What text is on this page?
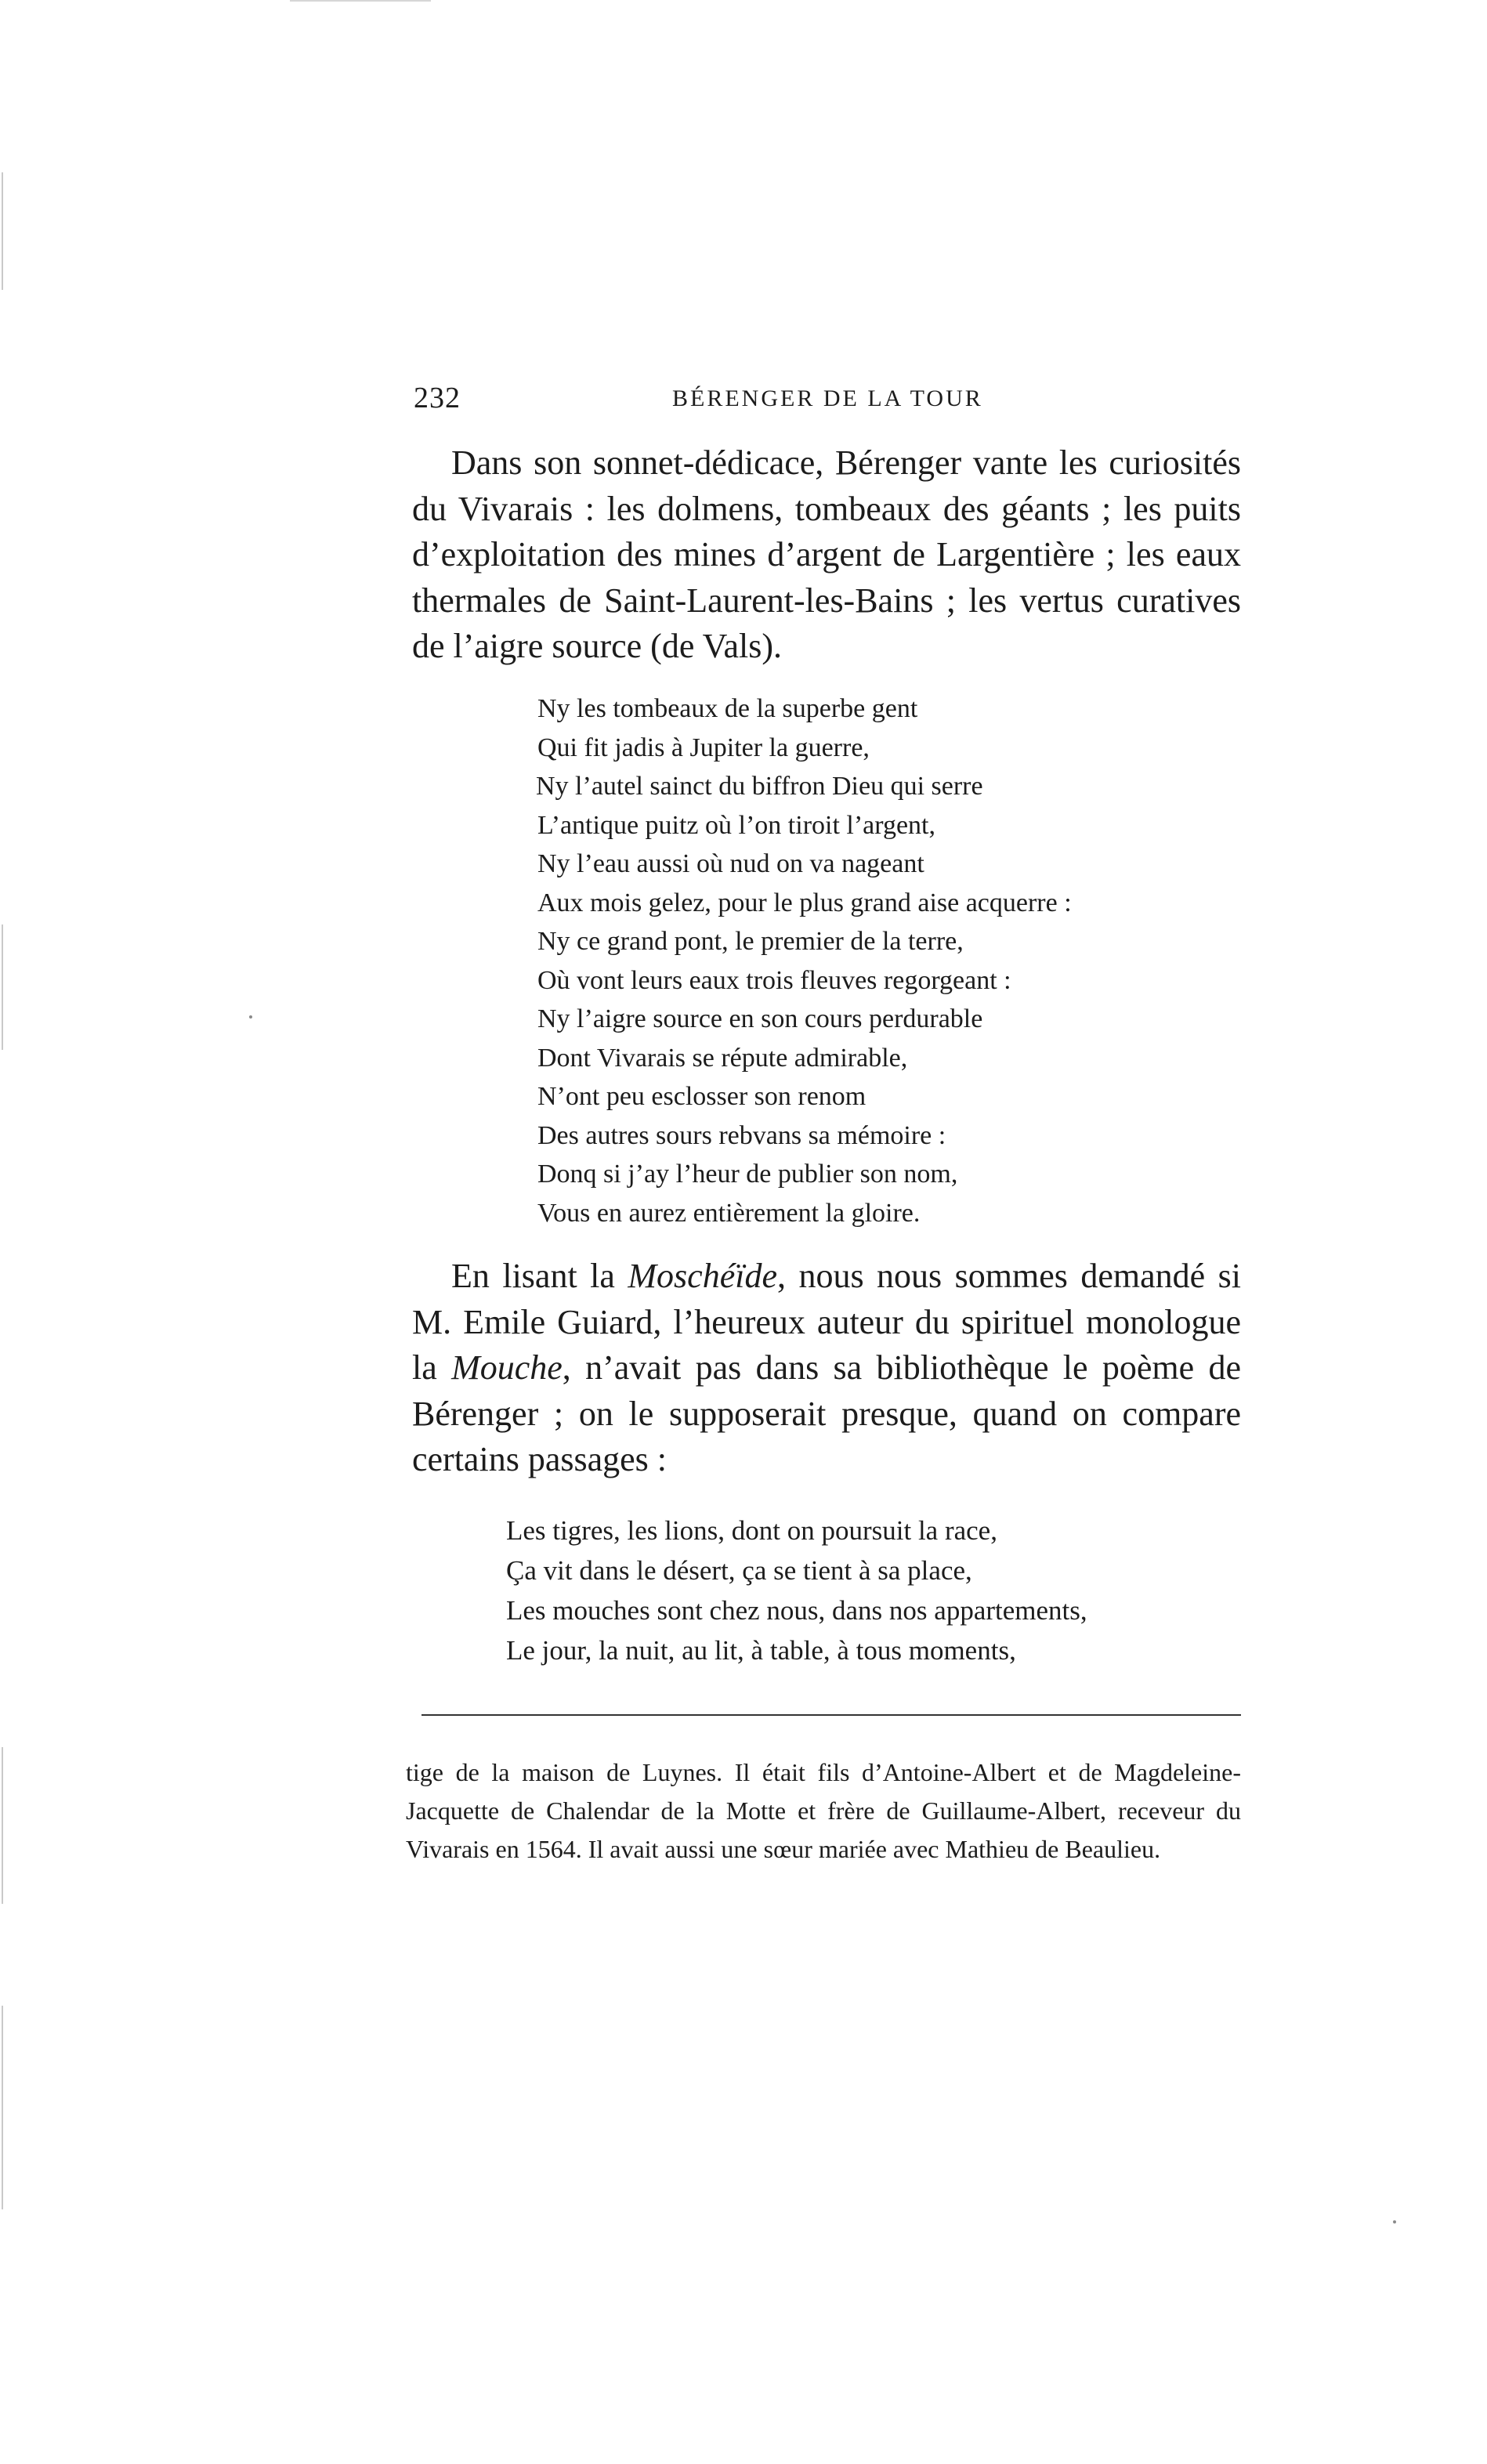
232	BÉRENGER DE LA TOUR

Dans son sonnet-dédicace, Bérenger vante les curiosités du Vivarais : les dolmens, tombeaux des géants ; les puits d’exploitation des mines d’argent de Largentière ; les eaux thermales de Saint-Laurent-les-Bains ; les vertus curatives de l’aigre source (de Vals).

Ny les tombeaux de la superbe gent
Qui fit jadis à Jupiter la guerre,
Ny l’autel sainct du biffron Dieu qui serre
L’antique puitz où l’on tiroit l’argent,
Ny l’eau aussi où nud on va nageant
Aux mois gelez, pour le plus grand aise acquerre :
Ny ce grand pont, le premier de la terre,
Où vont leurs eaux trois fleuves regorgeant :
Ny l’aigre source en son cours perdurable
Dont Vivarais se répute admirable,
N’ont peu esclosser son renom
Des autres sours rebvans sa mémoire :
Donq si j’ay l’heur de publier son nom,
Vous en aurez entièrement la gloire.

En lisant la Moschéïde, nous nous sommes demandé si M. Emile Guiard, l’heureux auteur du spirituel monologue la Mouche, n’avait pas dans sa bibliothèque le poème de Bérenger ; on le supposerait presque, quand on compare certains passages :

Les tigres, les lions, dont on poursuit la race,
Ça vit dans le désert, ça se tient à sa place,
Les mouches sont chez nous, dans nos appartements,
Le jour, la nuit, au lit, à table, à tous moments,

tige de la maison de Luynes. Il était fils d’Antoine-Albert et de Magdeleine-Jacquette de Chalendar de la Motte et frère de Guillaume-Albert, receveur du Vivarais en 1564. Il avait aussi une sœur mariée avec Mathieu de Beaulieu.
